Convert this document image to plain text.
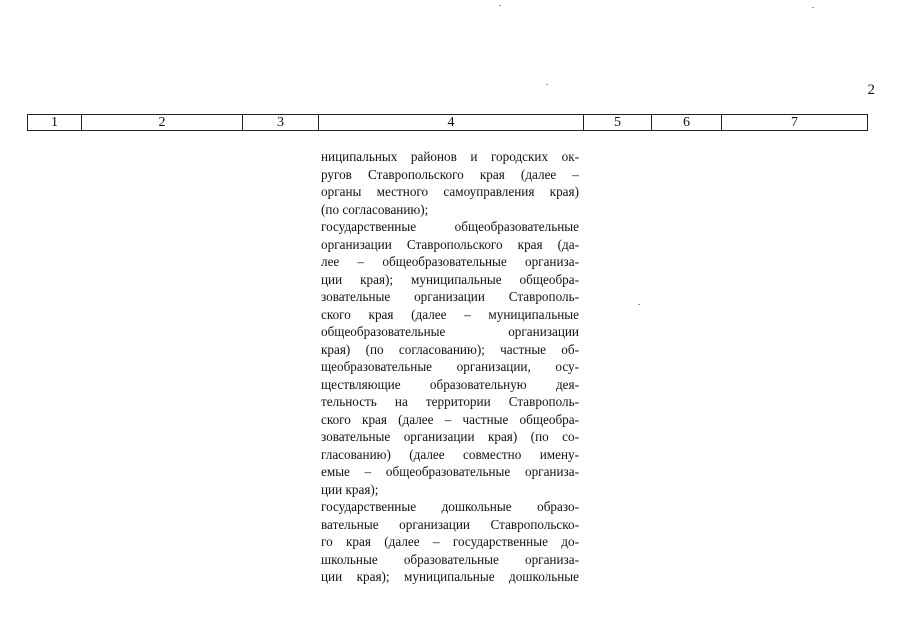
2
1	2	3	4	5	6	7
ниципальных районов и городских ок-
ругов Ставропольского края (далее –
органы местного самоуправления края)
(по согласованию);
государственные общеобразовательные
организации Ставропольского края (да-
лее – общеобразовательные организа-
ции края); муниципальные общеобра-
зовательные организации Ставрополь-
ского края (далее – муниципальные
общеобразовательные организации
края) (по согласованию); частные об-
щеобразовательные организации, осу-
ществляющие образовательную дея-
тельность на территории Ставрополь-
ского края (далее – частные общеобра-
зовательные организации края) (по со-
гласованию) (далее совместно имену-
емые – общеобразовательные организа-
ции края);
государственные дошкольные образо-
вательные организации Ставропольско-
го края (далее – государственные до-
школьные образовательные организа-
ции края); муниципальные дошкольные
